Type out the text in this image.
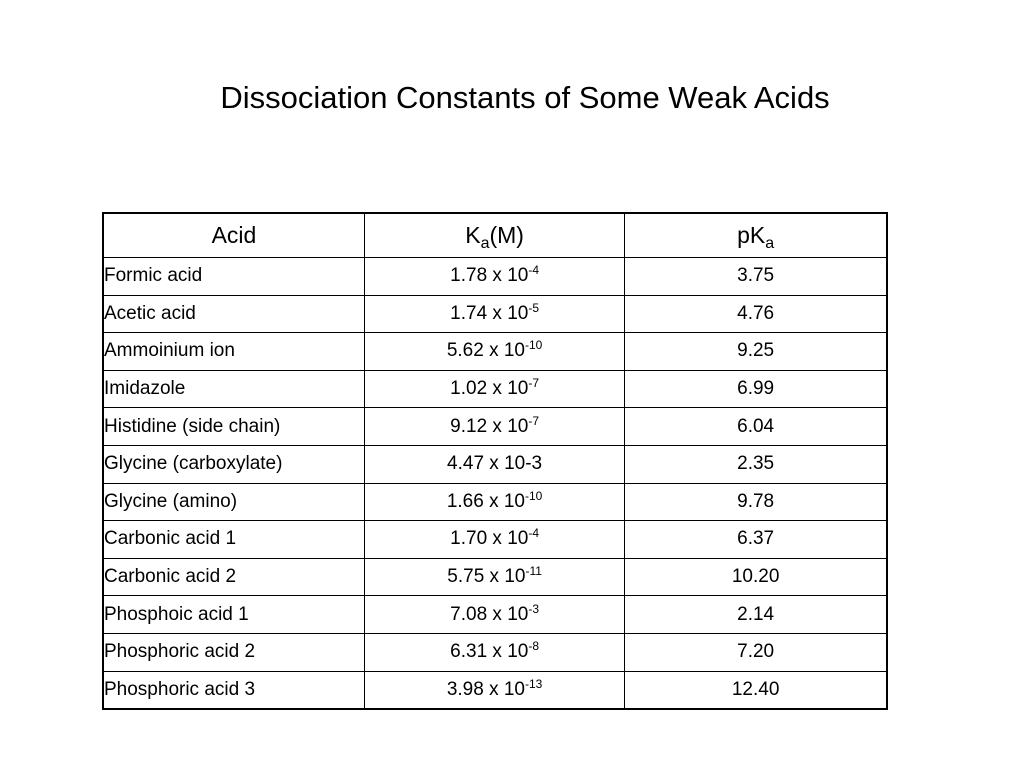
Dissociation Constants of Some Weak Acids
Acid	$K_a(M)$	$pK_a$
Formic acid	1.78 x $10^{-4}$	3.75
Acetic acid	1.74 x $10^{-5}$	4.76
Ammoinium ion	5.62 x $10^{-10}$	9.25
Imidazole	1.02 x $10^{-7}$	6.99
Histidine (side chain)	9.12 x $10^{-7}$	6.04
Glycine (carboxylate)	4.47 x 10-3	2.35
Glycine (amino)	1.66 x $10^{-10}$	9.78
Carbonic acid 1	1.70 x $10^{-4}$	6.37
Carbonic acid 2	5.75 x $10^{-11}$	10.20
Phosphoic acid 1	7.08 x $10^{-3}$	2.14
Phosphoric acid 2	6.31 x $10^{-8}$	7.20
Phosphoric acid 3	3.98 x $10^{-13}$	12.40
